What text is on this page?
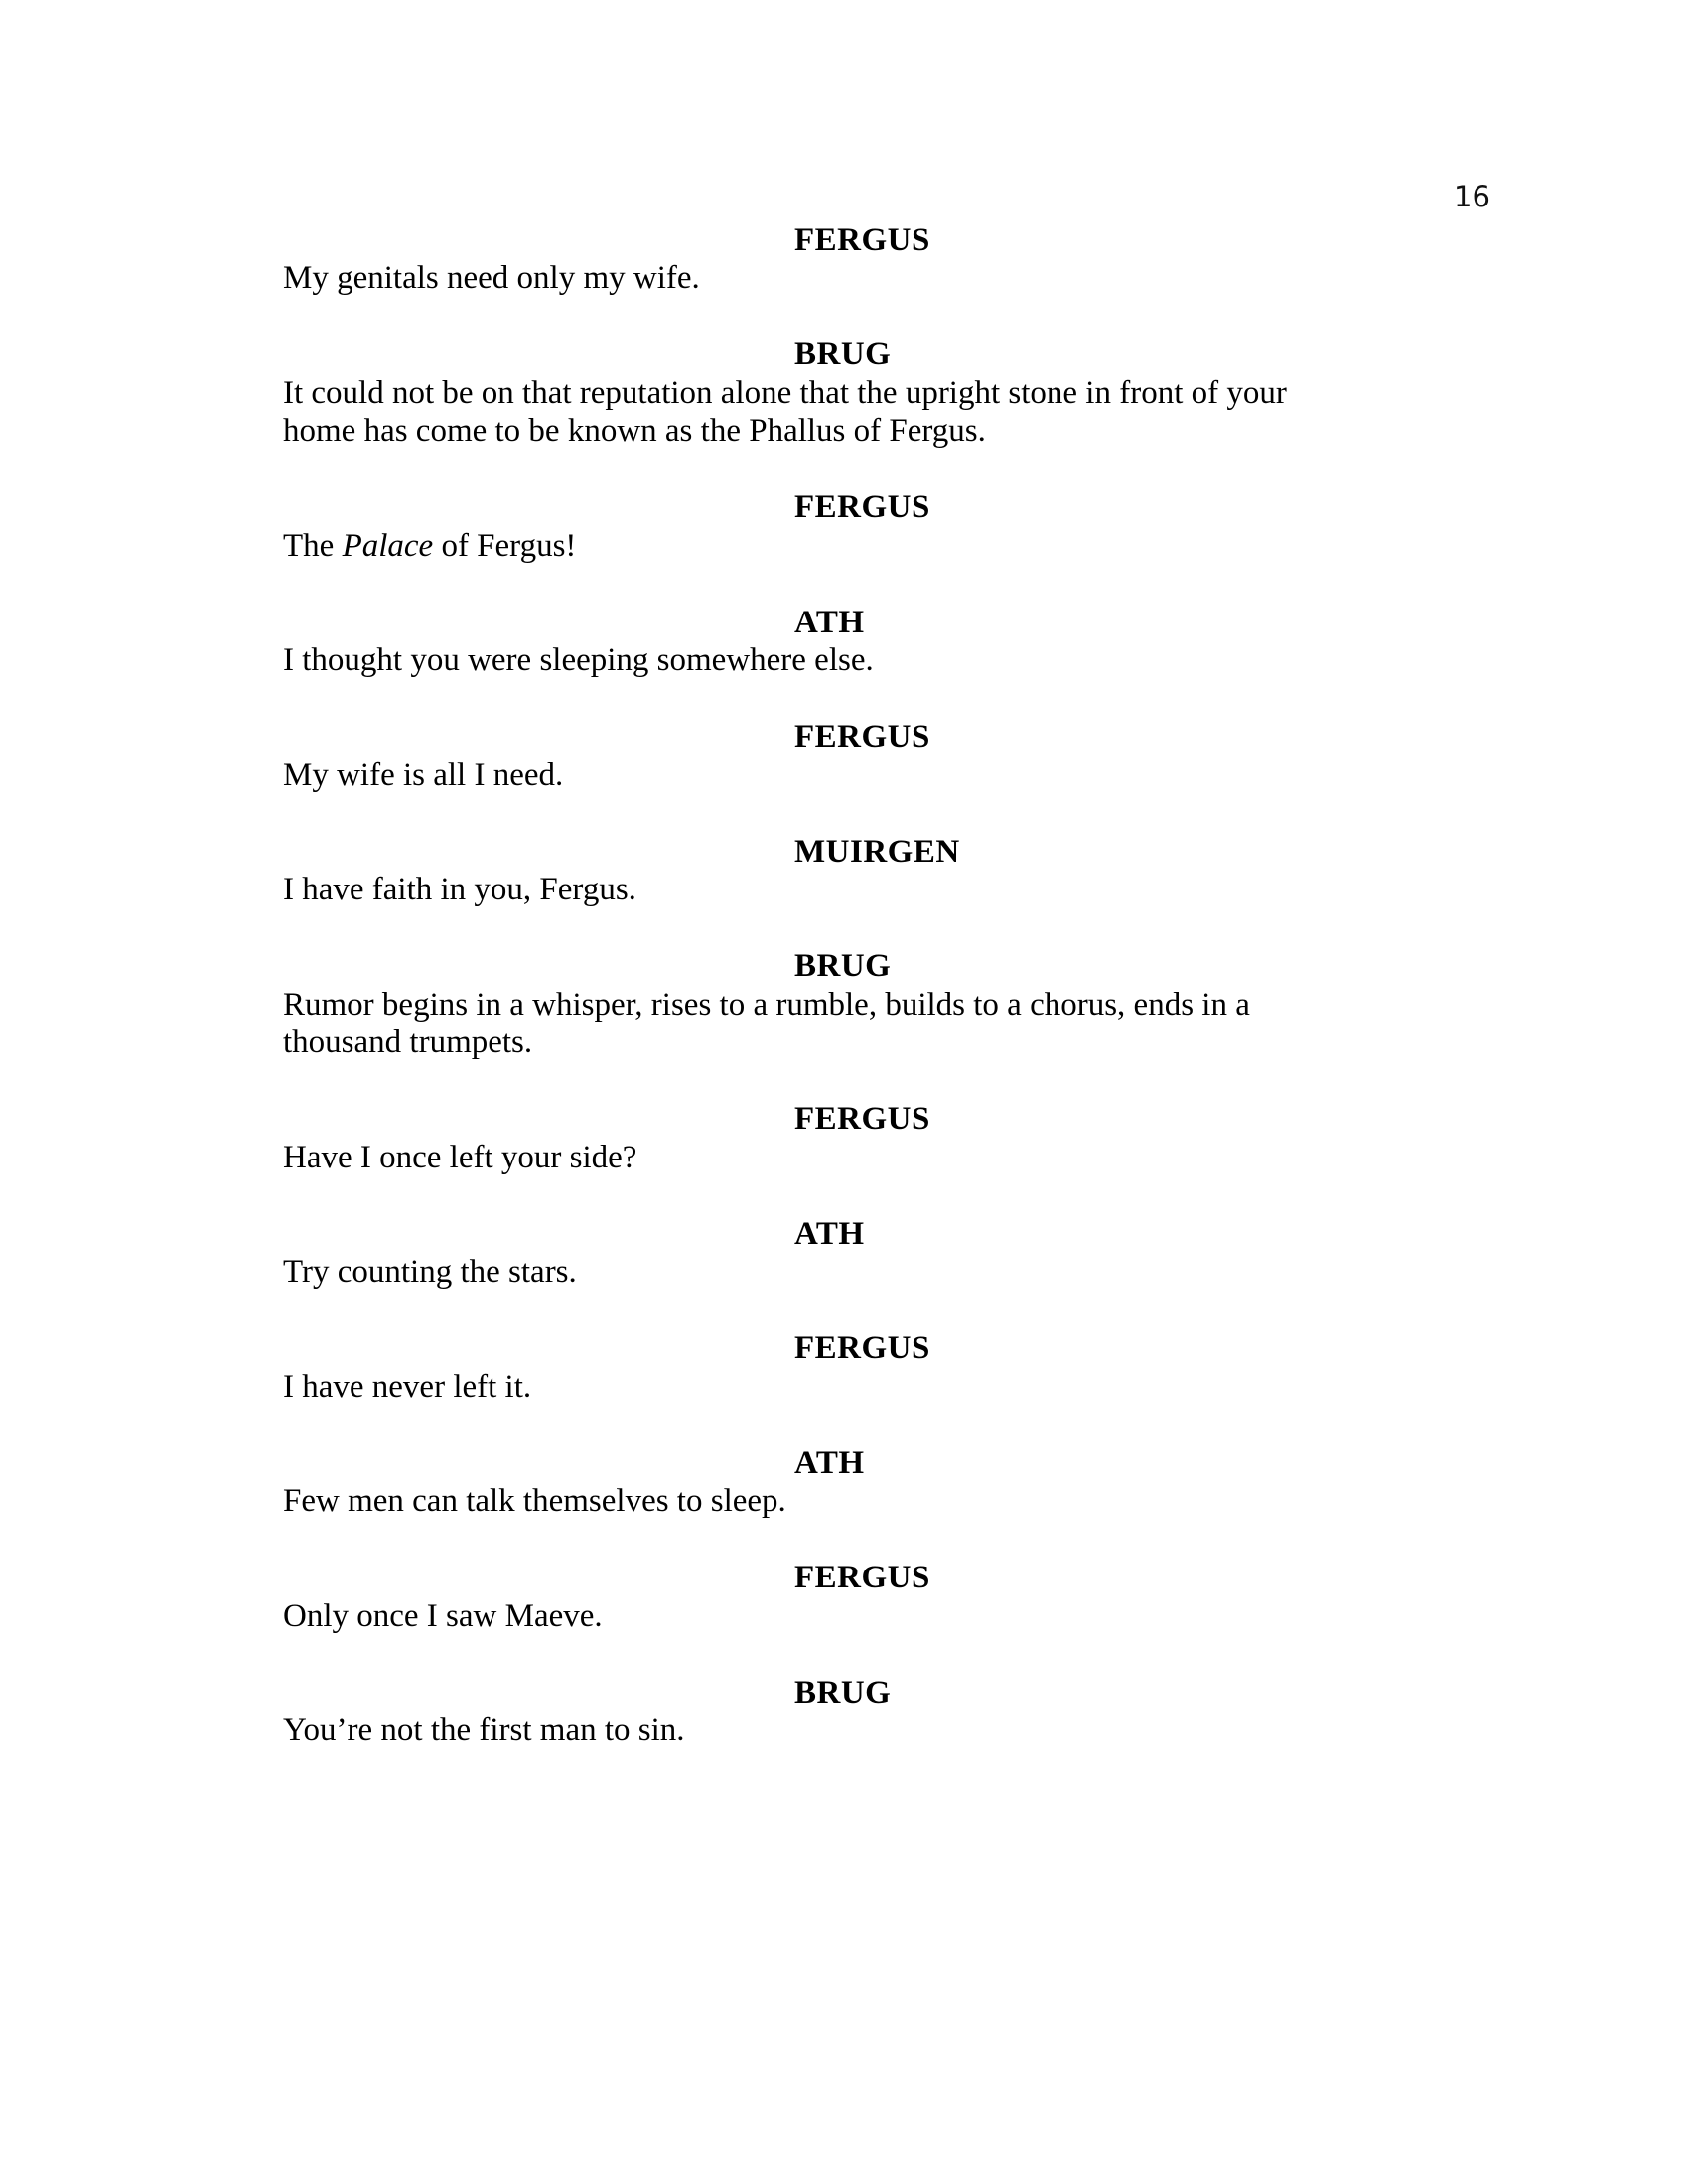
16
FERGUS
My genitals need only my wife.
BRUG
It could not be on that reputation alone that the upright stone in front of your
home has come to be known as the Phallus of Fergus.
FERGUS
The Palace of Fergus!
ATH
I thought you were sleeping somewhere else.
FERGUS
My wife is all I need.
MUIRGEN
I have faith in you, Fergus.
BRUG
Rumor begins in a whisper, rises to a rumble, builds to a chorus, ends in a
thousand trumpets.
FERGUS
Have I once left your side?
ATH
Try counting the stars.
FERGUS
I have never left it.
ATH
Few men can talk themselves to sleep.
FERGUS
Only once I saw Maeve.
BRUG
You’re not the first man to sin.
